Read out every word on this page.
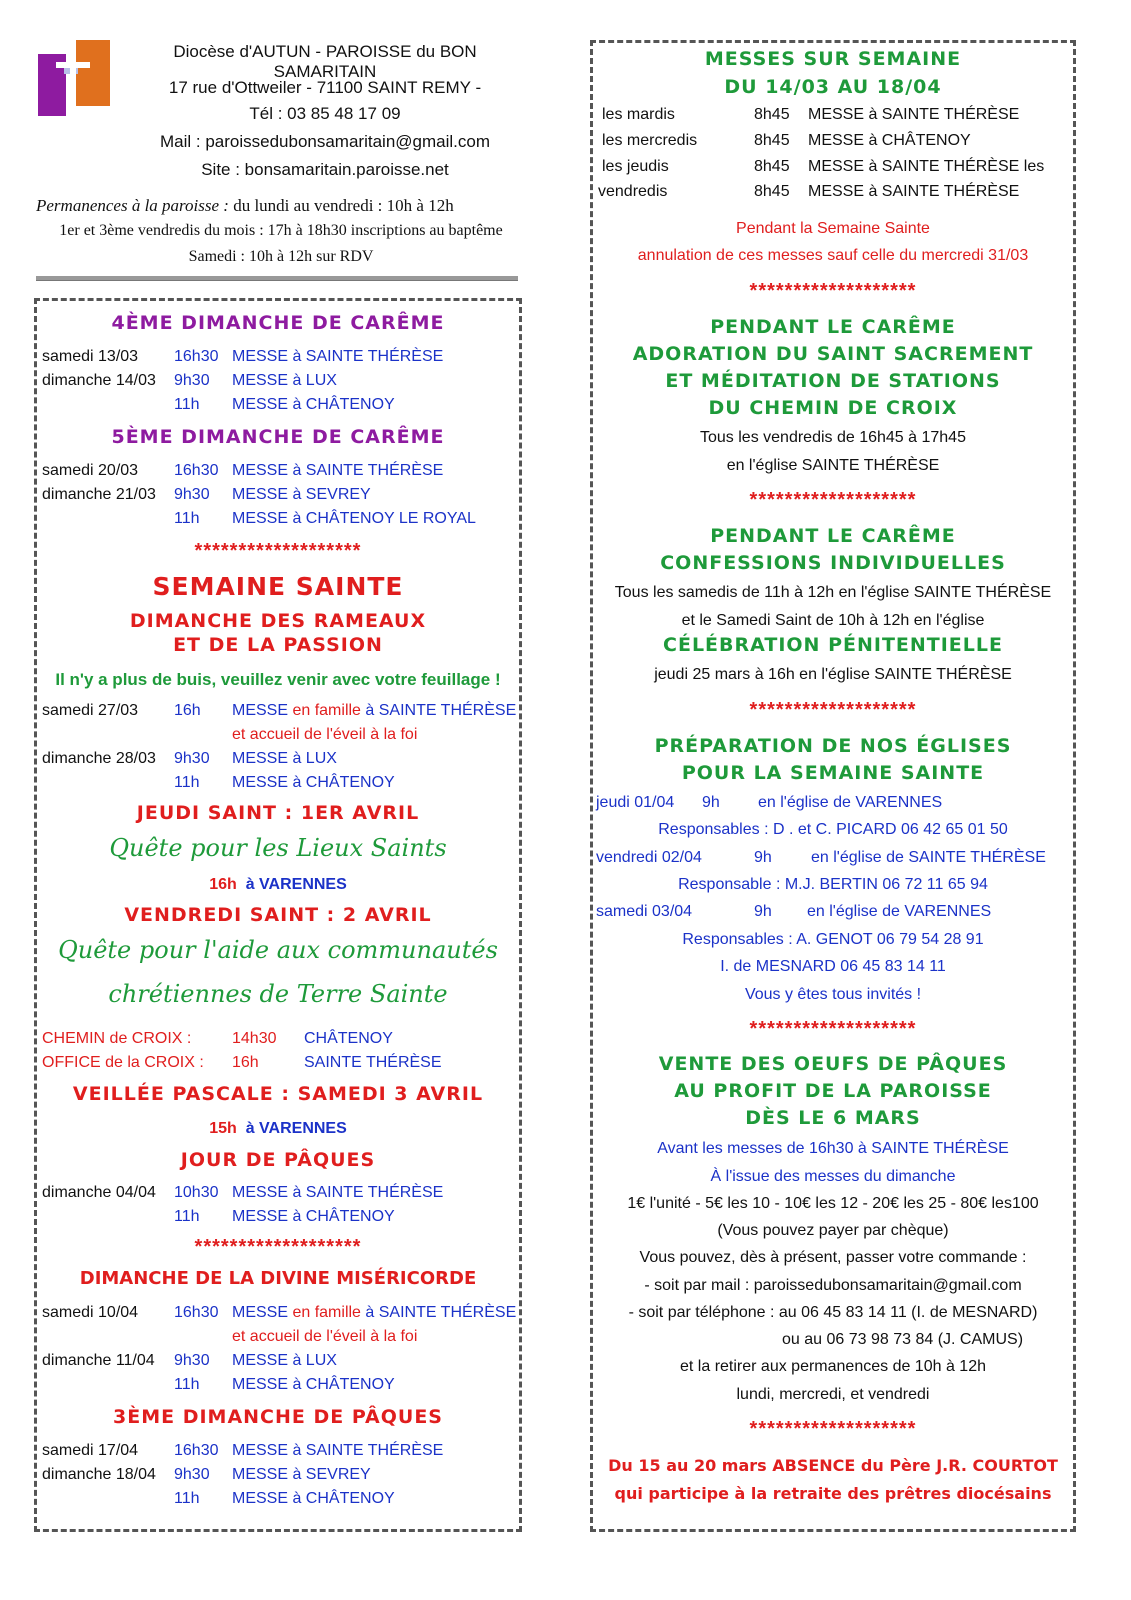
Diocèse d'AUTUN - PAROISSE du BON SAMARITAIN
17 rue d'Ottweiler - 71100 SAINT REMY -
Tél : 03 85 48 17 09
Mail : paroissedubonsamaritain@gmail.com
Site : bonsamaritain.paroisse.net
Permanences à la paroisse : du lundi au vendredi : 10h à 12h
1er et 3ème vendredis du mois : 17h à 18h30 inscriptions au baptême
Samedi : 10h à 12h sur RDV
4ÈME DIMANCHE DE CARÊME
samedi 13/03 16h30 MESSE à SAINTE THÉRÈSE
dimanche 14/03 9h30 MESSE à LUX
11h MESSE à CHÂTENOY
5ÈME DIMANCHE DE CARÊME
samedi 20/03 16h30 MESSE à SAINTE THÉRÈSE
dimanche 21/03 9h30 MESSE à SEVREY
11h MESSE à CHÂTENOY LE ROYAL
*******************
SEMAINE SAINTE
DIMANCHE DES RAMEAUX
ET DE LA PASSION
Il n'y a plus de buis, veuillez venir avec votre feuillage !
samedi 27/03 16h MESSE en famille à SAINTE THÉRÈSE
et accueil de l'éveil à la foi
dimanche 28/03 9h30 MESSE à LUX
11h MESSE à CHÂTENOY
JEUDI SAINT : 1ER AVRIL
Quête pour les Lieux Saints
16h à VARENNES
VENDREDI SAINT : 2 AVRIL
Quête pour l'aide aux communautés
chrétiennes de Terre Sainte
CHEMIN de CROIX :	14h30 CHÂTENOY
OFFICE de la CROIX : 16h	SAINTE THÉRÈSE
VEILLÉE PASCALE : SAMEDI 3 AVRIL
15h à VARENNES
JOUR DE PÂQUES
dimanche 04/04 10h30 MESSE à SAINTE THÉRÈSE
11h MESSE à CHÂTENOY
*******************
DIMANCHE DE LA DIVINE MISÉRICORDE
samedi 10/04 16h30 MESSE en famille à SAINTE THÉRÈSE
et accueil de l'éveil à la foi
dimanche 11/04 9h30 MESSE à LUX
11h MESSE à CHÂTENOY
3ÈME DIMANCHE DE PÂQUES
samedi 17/04 16h30 MESSE à SAINTE THÉRÈSE
dimanche 18/04 9h30 MESSE à SEVREY
11h MESSE à CHÂTENOY
MESSES SUR SEMAINE
DU 14/03 AU 18/04
les mardis	8h45 MESSE à SAINTE THÉRÈSE
les mercredis	8h45 MESSE à CHÂTENOY
les jeudis	8h45 MESSE à SAINTE THÉRÈSE les
vendredis	8h45 MESSE à SAINTE THÉRÈSE
Pendant la Semaine Sainte
annulation de ces messes sauf celle du mercredi 31/03
*******************
PENDANT LE CARÊME
ADORATION DU SAINT SACREMENT
ET MÉDITATION DE STATIONS
DU CHEMIN DE CROIX
Tous les vendredis de 16h45 à 17h45
en l'église SAINTE THÉRÈSE
*******************
PENDANT LE CARÊME
CONFESSIONS INDIVIDUELLES
Tous les samedis de 11h à 12h en l'église SAINTE THÉRÈSE
et le Samedi Saint de 10h à 12h en l'église
CÉLÉBRATION PÉNITENTIELLE
jeudi 25 mars à 16h en l'église SAINTE THÉRÈSE
*******************
PRÉPARATION DE NOS ÉGLISES
POUR LA SEMAINE SAINTE
jeudi 01/04 9h en l'église de VARENNES
Responsables : D . et C. PICARD 06 42 65 01 50
vendredi 02/04	9h en l'église de SAINTE THÉRÈSE
Responsable : M.J. BERTIN 06 72 11 65 94
samedi 03/04	9h en l'église de VARENNES
Responsables : A. GENOT 06 79 54 28 91
I. de MESNARD 06 45 83 14 11
Vous y êtes tous invités !
*******************
VENTE DES OEUFS DE PÂQUES
AU PROFIT DE LA PAROISSE
DÈS LE 6 MARS
Avant les messes de 16h30 à SAINTE THÉRÈSE
À l'issue des messes du dimanche
1€ l'unité - 5€ les 10 - 10€ les 12 - 20€ les 25 - 80€ les100
(Vous pouvez payer par chèque)
Vous pouvez, dès à présent, passer votre commande :
- soit par mail : paroissedubonsamaritain@gmail.com
- soit par téléphone : au 06 45 83 14 11 (I. de MESNARD)
ou au 06 73 98 73 84 (J. CAMUS)
et la retirer aux permanences de 10h à 12h
lundi, mercredi, et vendredi
*******************
Du 15 au 20 mars ABSENCE du Père J.R. COURTOT
qui participe à la retraite des prêtres diocésains
